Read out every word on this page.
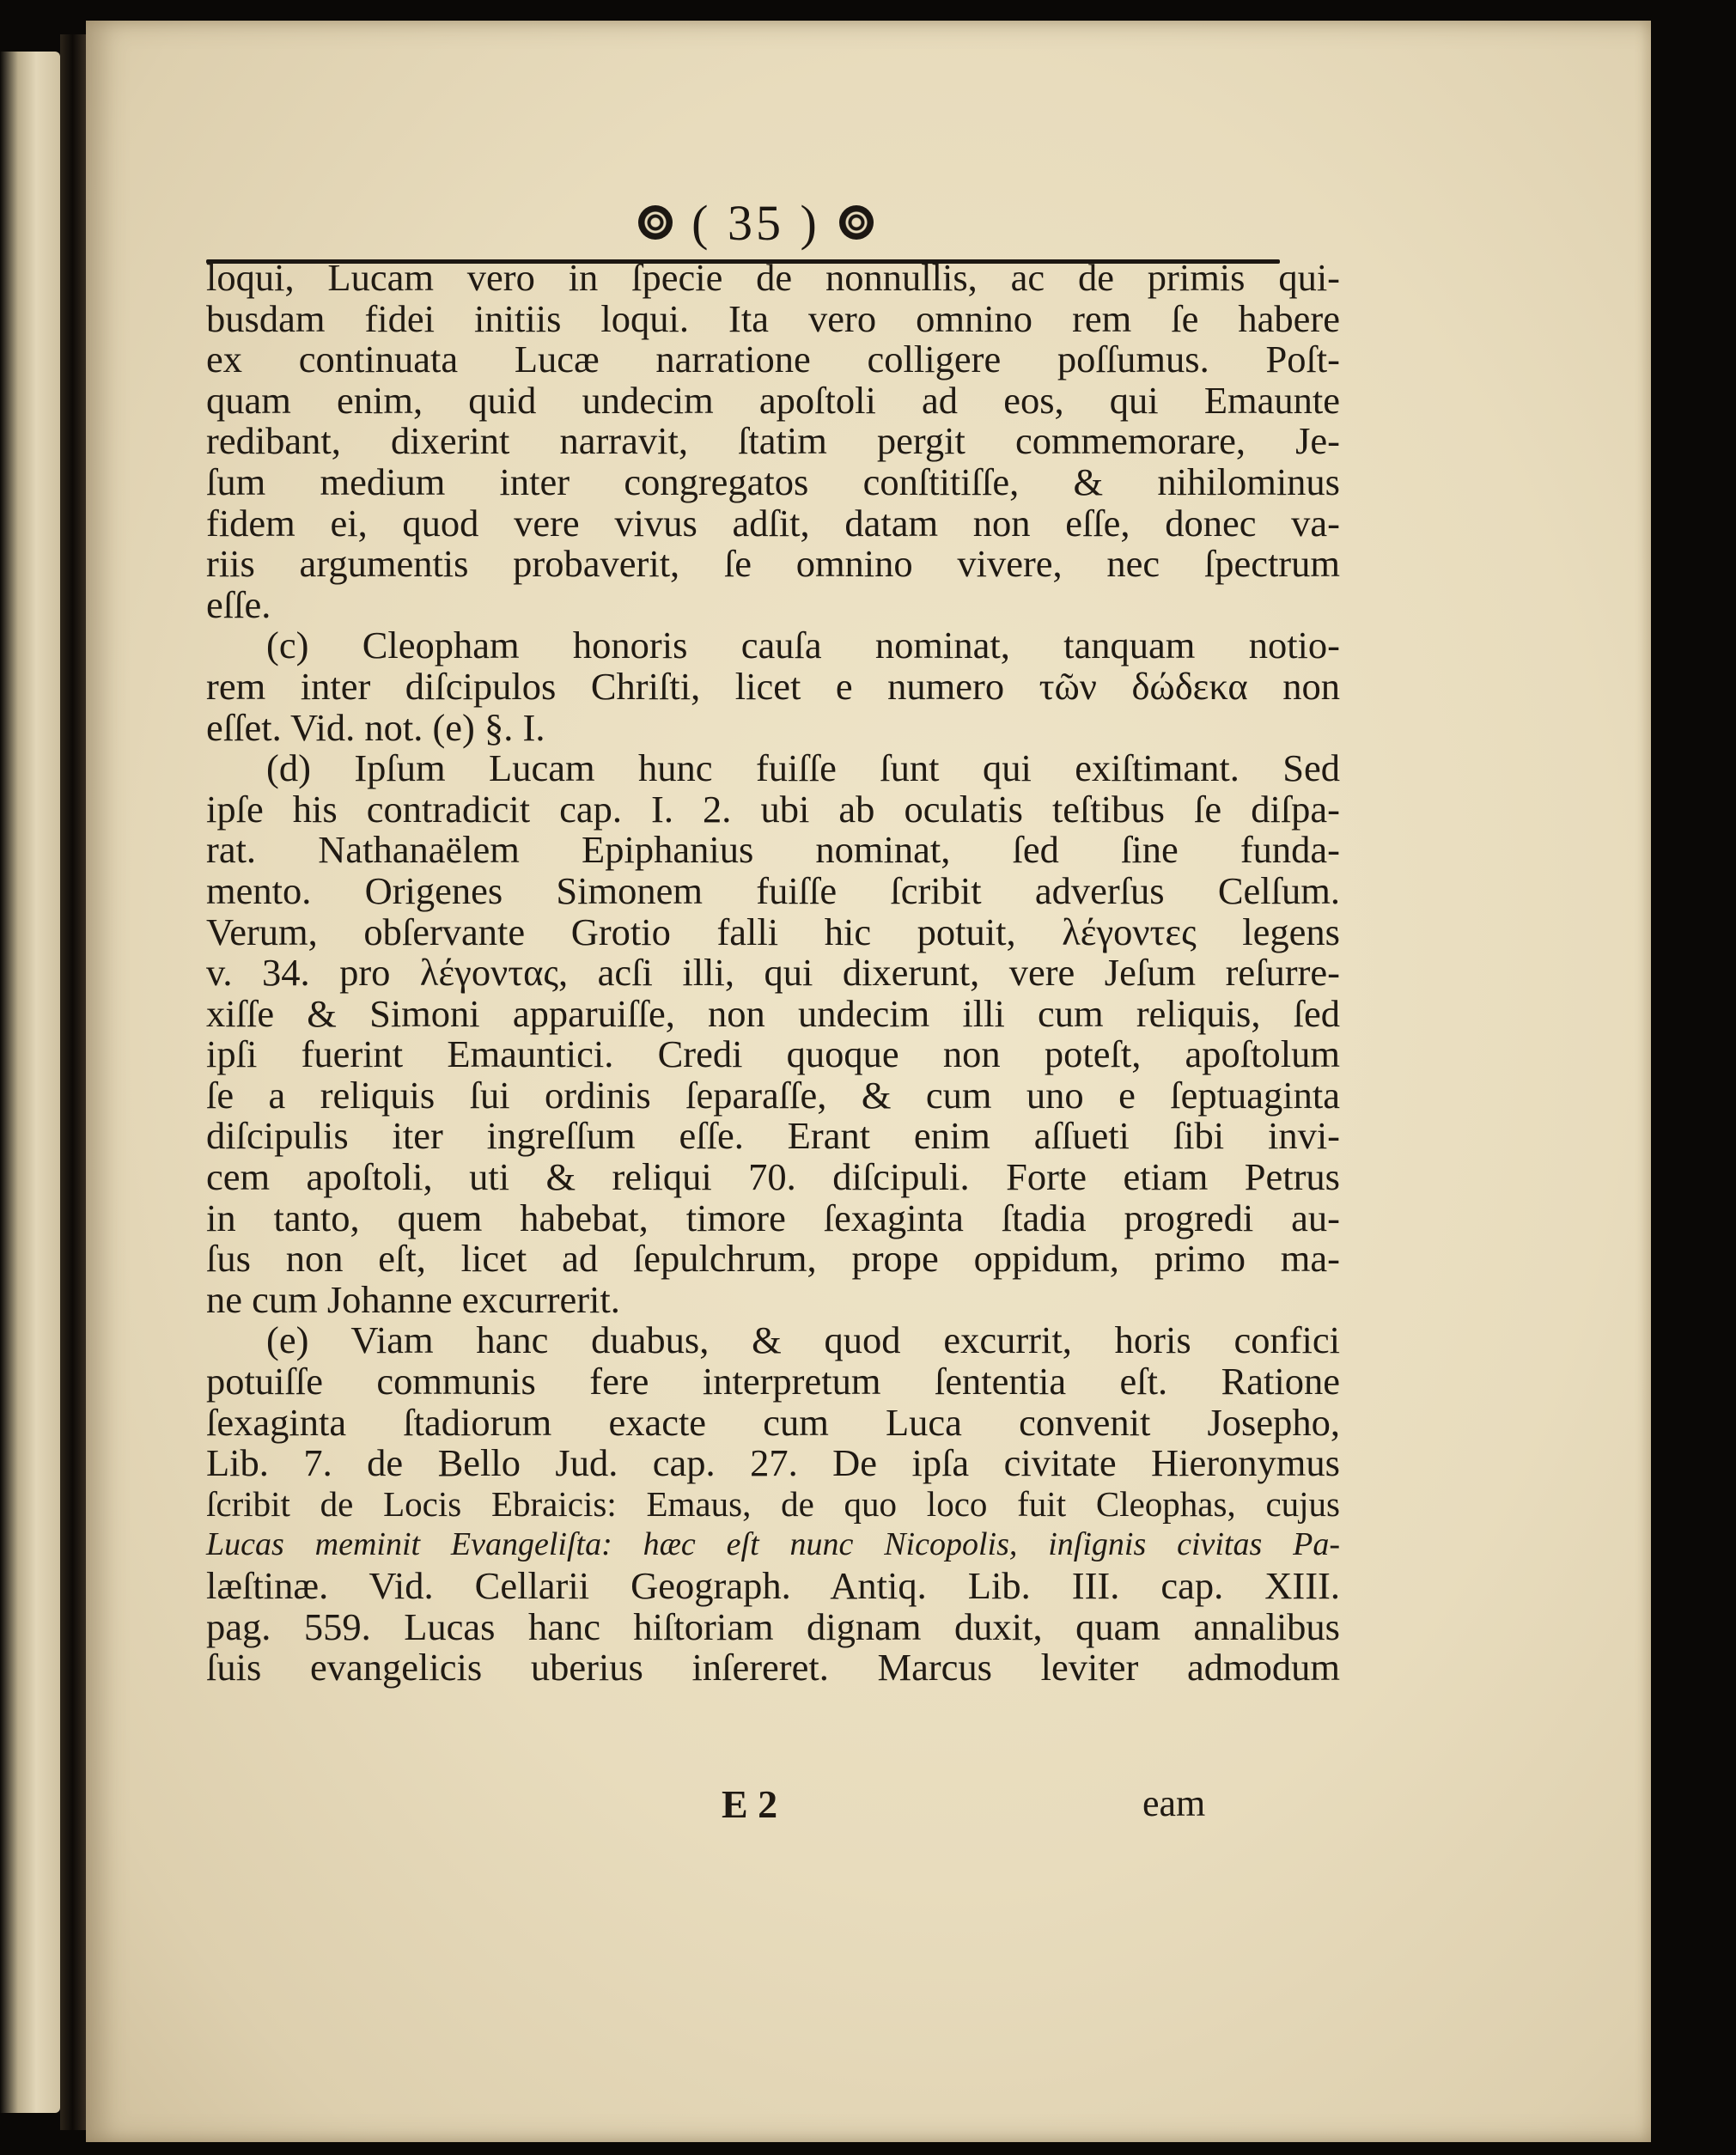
( 35 )
loqui, Lucam vero in ſpecie de nonnullis, ac de primis qui-
busdam fidei initiis loqui. Ita vero omnino rem ſe habere
ex continuata Lucæ narratione colligere poſſumus. Poſt-
quam enim, quid undecim apoſtoli ad eos, qui Emaunte
redibant, dixerint narravit, ſtatim pergit commemorare, Je-
ſum medium inter congregatos conſtitiſſe, & nihilominus
fidem ei, quod vere vivus adſit, datam non eſſe, donec va-
riis argumentis probaverit, ſe omnino vivere, nec ſpectrum
eſſe.
(c) Cleopham honoris cauſa nominat, tanquam notio-
rem inter diſcipulos Chriſti, licet e numero τῶν δώδεκα non
eſſet. Vid. not. (e) §. I.
(d) Ipſum Lucam hunc fuiſſe ſunt qui exiſtimant. Sed
ipſe his contradicit cap. I. 2. ubi ab oculatis teſtibus ſe diſpa-
rat. Nathanaëlem Epiphanius nominat, ſed ſine funda-
mento. Origenes Simonem fuiſſe ſcribit adverſus Celſum.
Verum, obſervante Grotio falli hic potuit, λέγοντες legens
v. 34. pro λέγοντας, acſi illi, qui dixerunt, vere Jeſum reſurre-
xiſſe & Simoni apparuiſſe, non undecim illi cum reliquis, ſed
ipſi fuerint Emauntici. Credi quoque non poteſt, apoſtolum
ſe a reliquis ſui ordinis ſeparaſſe, & cum uno e ſeptuaginta
diſcipulis iter ingreſſum eſſe. Erant enim aſſueti ſibi invi-
cem apoſtoli, uti & reliqui 70. diſcipuli. Forte etiam Petrus
in tanto, quem habebat, timore ſexaginta ſtadia progredi au-
ſus non eſt, licet ad ſepulchrum, prope oppidum, primo ma-
ne cum Johanne excurrerit.
(e) Viam hanc duabus, & quod excurrit, horis confici
potuiſſe communis fere interpretum ſententia eſt. Ratione
ſexaginta ſtadiorum exacte cum Luca convenit Josepho,
Lib. 7. de Bello Jud. cap. 27. De ipſa civitate Hieronymus
ſcribit de Locis Ebraicis: Emaus, de quo loco fuit Cleophas, cujus
Lucas meminit Evangeliſta: hæc eſt nunc Nicopolis, inſignis civitas Pa-
læſtinæ. Vid. Cellarii Geograph. Antiq. Lib. III. cap. XIII.
pag. 559. Lucas hanc hiſtoriam dignam duxit, quam annalibus
ſuis evangelicis uberius inſereret. Marcus leviter admodum
E 2	eam
